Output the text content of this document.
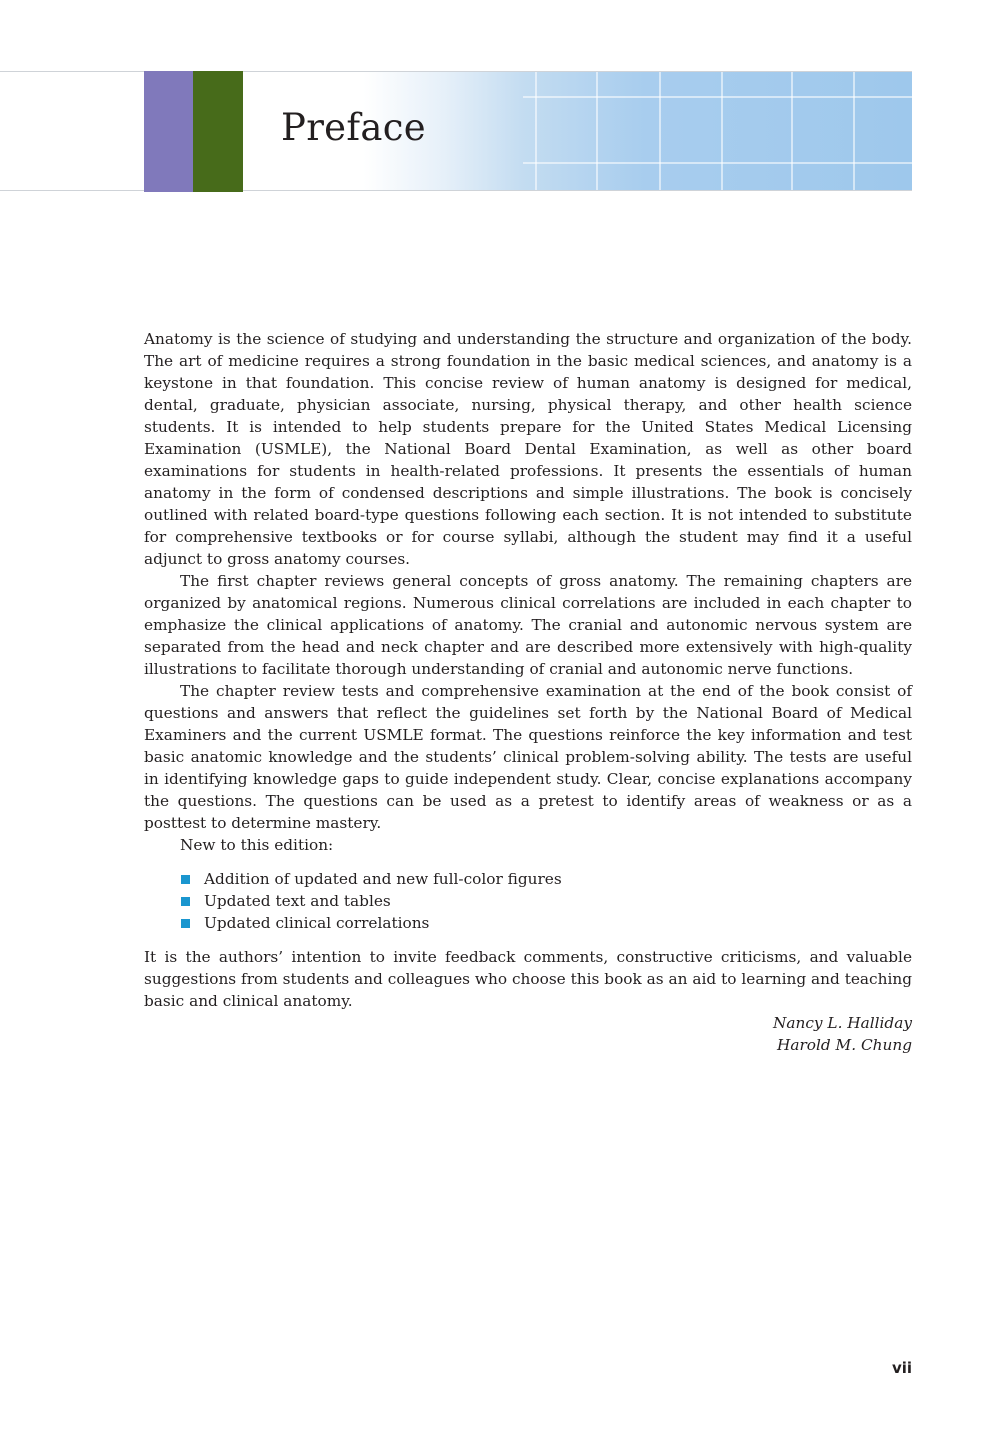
Preface

Anatomy is the science of studying and understanding the structure and organization of the body. The art of medicine requires a strong foundation in the basic medical sciences, and anatomy is a keystone in that foundation. This concise review of human anatomy is designed for medical, dental, graduate, physician associate, nursing, physical therapy, and other health science students. It is intended to help students prepare for the United States Medical Licensing Examination (USMLE), the National Board Dental Examination, as well as other board examinations for students in health-related professions. It presents the essentials of human anatomy in the form of condensed descriptions and simple illustrations. The book is concisely outlined with related board-type questions following each section. It is not intended to substitute for comprehensive textbooks or for course syllabi, although the student may find it a useful adjunct to gross anatomy courses.

The first chapter reviews general concepts of gross anatomy. The remaining chapters are organized by anatomical regions. Numerous clinical correlations are included in each chapter to emphasize the clinical applications of anatomy. The cranial and autonomic nervous system are separated from the head and neck chapter and are described more extensively with high-quality illustrations to facilitate thorough understanding of cranial and autonomic nerve functions.

The chapter review tests and comprehensive examination at the end of the book consist of questions and answers that reflect the guidelines set forth by the National Board of Medical Examiners and the current USMLE format. The questions reinforce the key information and test basic anatomic knowledge and the students’ clinical problem-solving ability. The tests are useful in identifying knowledge gaps to guide independent study. Clear, concise explanations accompany the questions. The questions can be used as a pretest to identify areas of weakness or as a posttest to determine mastery.

New to this edition:

Addition of updated and new full-color figures
Updated text and tables
Updated clinical correlations

It is the authors’ intention to invite feedback comments, constructive criticisms, and valuable suggestions from students and colleagues who choose this book as an aid to learning and teaching basic and clinical anatomy.

Nancy L. Halliday

Harold M. Chung

vii
